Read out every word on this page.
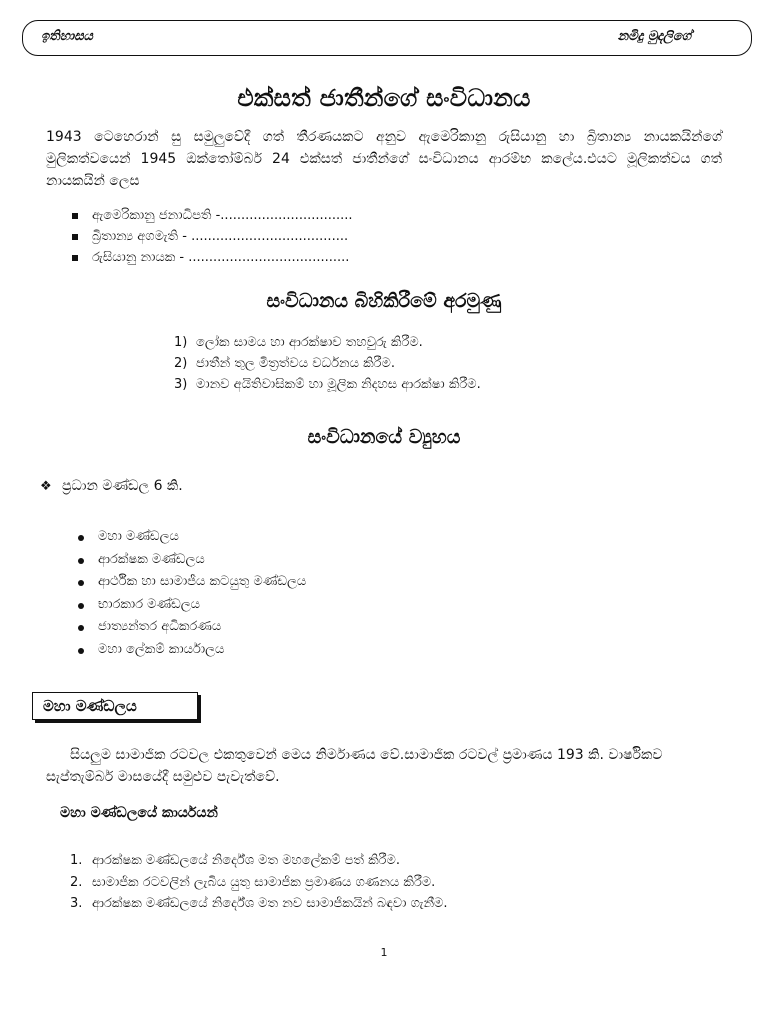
ඉතිහාසය	නමිදු මුදලිගේ
එක්සත් ජාතීන්ගේ සංවිධානය
1943 ටෙහෙරාන් සු සමුලුවේදී ගත් තීරණයකට අනුව ඇමෙරිකානු රුසියානු හා බ්‍රිතාන්‍ය නායකයින්ගේ මුලිකත්වයෙන් 1945 ඔක්තෝම්බර් 24 එක්සත් ජාතීන්ගේ සංවිධානය ආරම්භ කලේය.එයට මූලිකත්වය ගත් නායකයින් ලෙස
ඇමෙරිකානු ජනාධිපති -................................
බ්‍රිතාන්‍ය අගමැති - ......................................
රුසියානු නායක - .......................................
සංවිධානය බිහිකිරීමේ අරමුණු
1) ලෝක සාමය හා ආරක්ෂාව තහවුරු කිරීම.
2) ජාතීන් තුල මිත්‍රත්වය වර්ධනය කිරීම.
3) මානව අයිතිවාසිකම් හා මූලික නිදහස ආරක්ෂා කිරීම.
සංවිධානයේ ව්‍යුහය
❖ ප්‍රධාන මණ්ඩල 6 කි.
මහා මණ්ඩලය
ආරක්ෂක මණ්ඩලය
ආර්ථික හා සාමාජීය කටයුතු මණ්ඩලය
භාරකාර මණ්ඩලය
ජාත්‍යන්තර අධිකරණය
මහා ලේකම් කාර්යාලය
මහා මණ්ඩලය
සියලුම සාමාජික රටවල එකතුවෙන් මෙය නිර්මාණය වේ.සාමාජික රටවල් ප්‍රමාණය 193 කි. වාර්ෂිකව සැප්තැම්බර් මාසයේදී සමුළුව පැවැත්වේ.
මහා මණ්ඩලයේ කාර්යයන්
1. ආරක්ෂක මණ්ඩලයේ නිර්දේශ මත මහලේකම් පත් කිරීම.
2. සාමාජික රටවලින් ලැබිය යුතු සාමාජික ප්‍රමාණය ගණනය කිරීම.
3. ආරක්ෂක මණ්ඩලයේ නිර්දේශ මත නව සාමාජිකයින් බඳවා ගැනීම.
1
